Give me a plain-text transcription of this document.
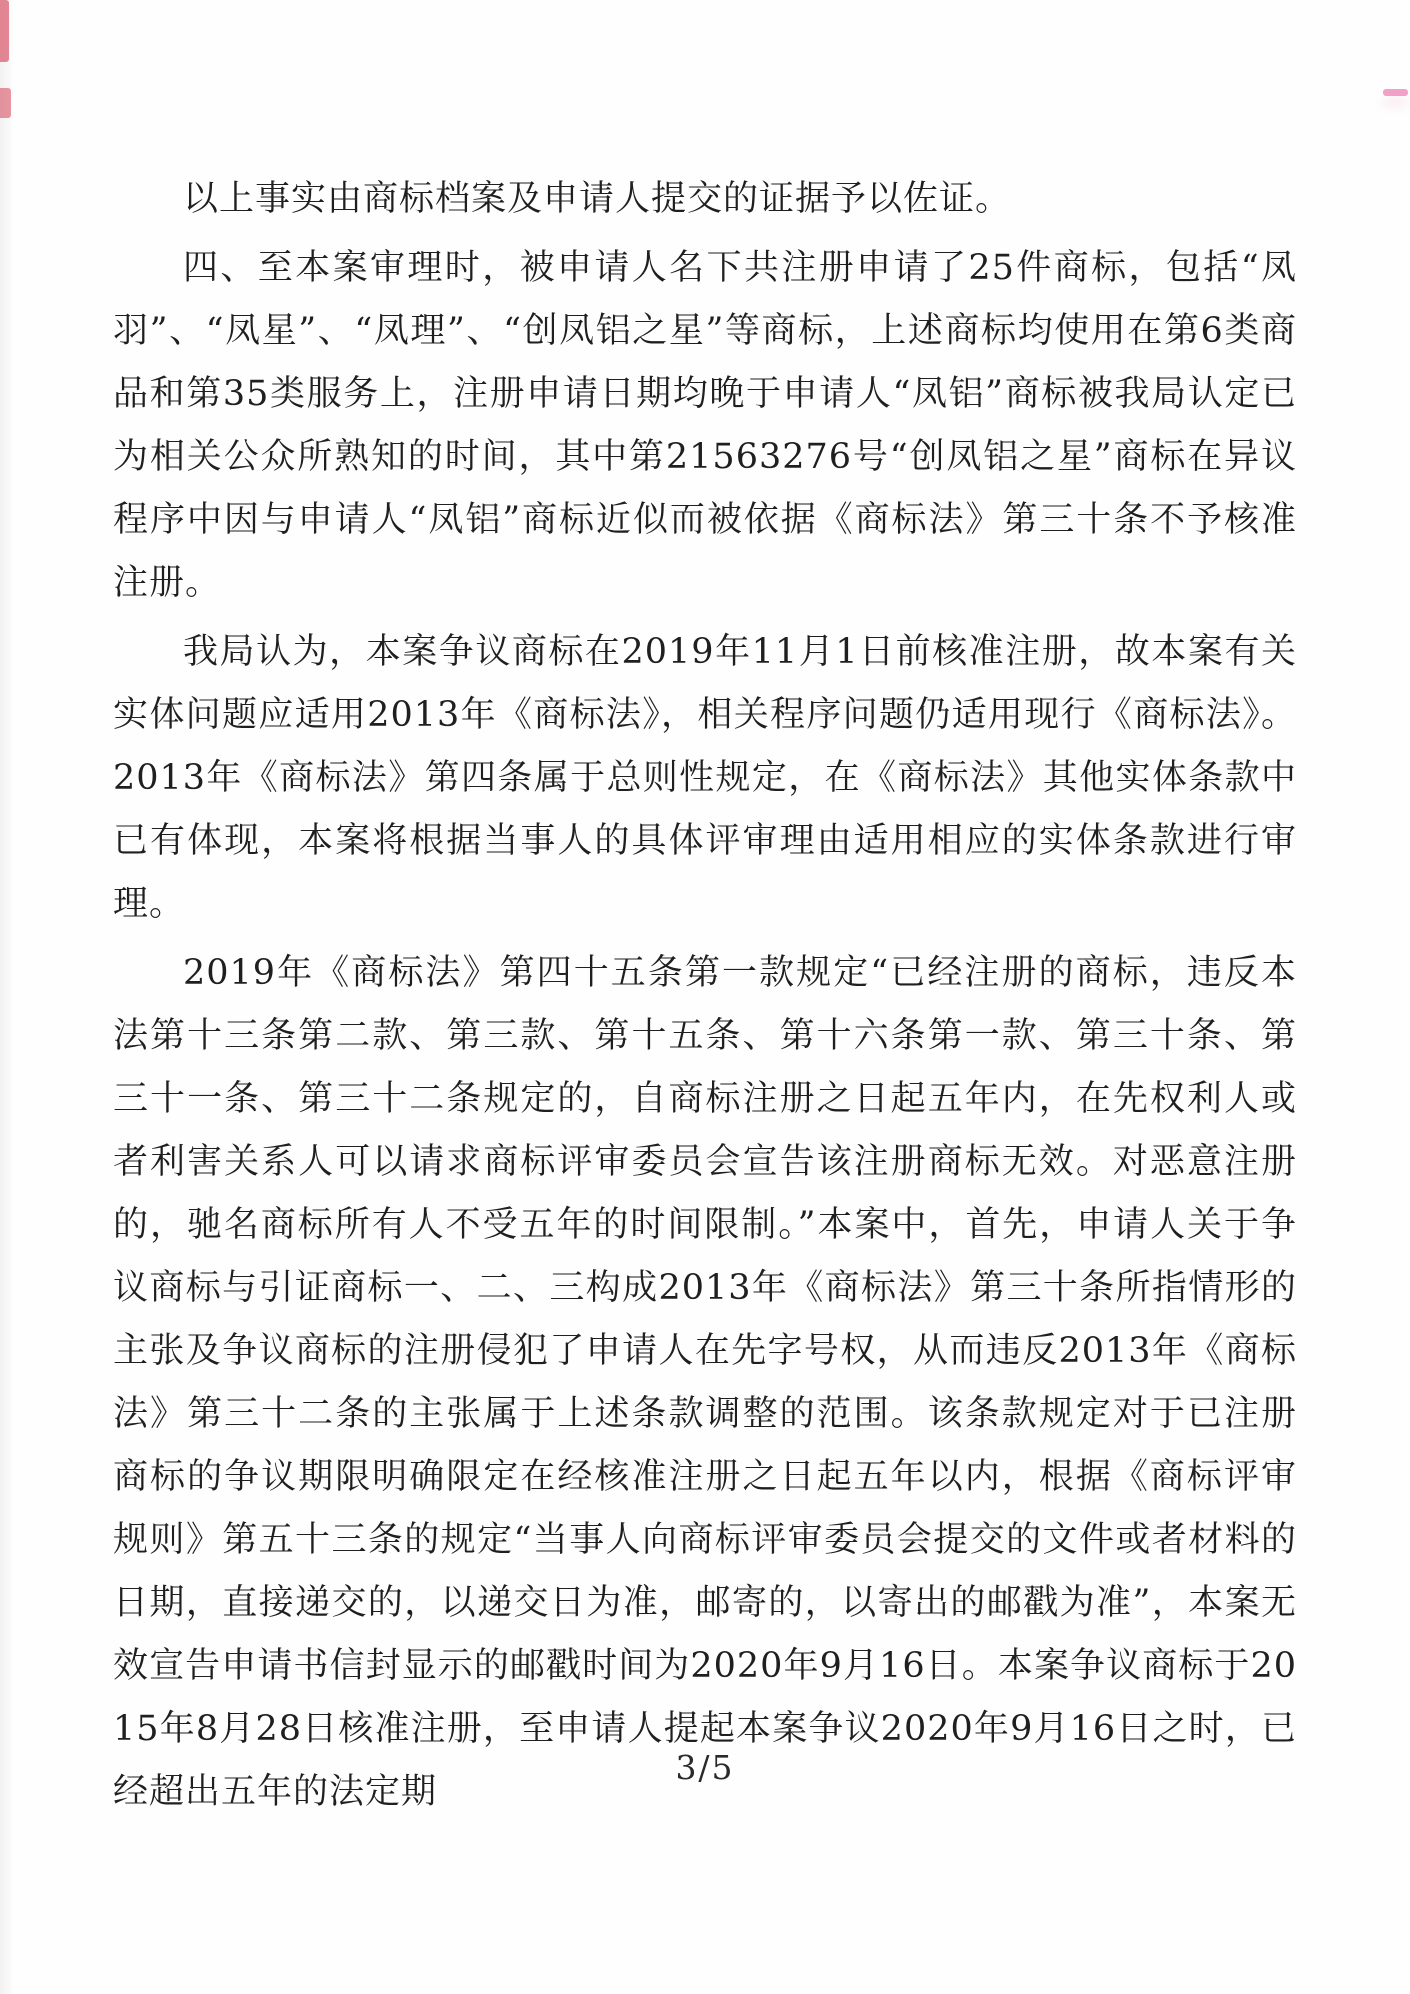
以上事实由商标档案及申请人提交的证据予以佐证。

四、至本案审理时，被申请人名下共注册申请了25件商标，包括“凤羽”、“凤星”、“凤理”、“创凤铝之星”等商标，上述商标均使用在第6类商品和第35类服务上，注册申请日期均晚于申请人“凤铝”商标被我局认定已为相关公众所熟知的时间，其中第21563276号“创凤铝之星”商标在异议程序中因与申请人“凤铝”商标近似而被依据《商标法》第三十条不予核准注册。

我局认为，本案争议商标在2019年11月1日前核准注册，故本案有关实体问题应适用2013年《商标法》，相关程序问题仍适用现行《商标法》。2013年《商标法》第四条属于总则性规定，在《商标法》其他实体条款中已有体现，本案将根据当事人的具体评审理由适用相应的实体条款进行审理。

2019年《商标法》第四十五条第一款规定“已经注册的商标，违反本法第十三条第二款、第三款、第十五条、第十六条第一款、第三十条、第三十一条、第三十二条规定的，自商标注册之日起五年内，在先权利人或者利害关系人可以请求商标评审委员会宣告该注册商标无效。对恶意注册的，驰名商标所有人不受五年的时间限制。”本案中，首先，申请人关于争议商标与引证商标一、二、三构成2013年《商标法》第三十条所指情形的主张及争议商标的注册侵犯了申请人在先字号权，从而违反2013年《商标法》第三十二条的主张属于上述条款调整的范围。该条款规定对于已注册商标的争议期限明确限定在经核准注册之日起五年以内，根据《商标评审规则》第五十三条的规定“当事人向商标评审委员会提交的文件或者材料的日期，直接递交的，以递交日为准，邮寄的，以寄出的邮戳为准”，本案无效宣告申请书信封显示的邮戳时间为2020年9月16日。本案争议商标于2015年8月28日核准注册，至申请人提起本案争议2020年9月16日之时，已经超出五年的法定期

3/5
